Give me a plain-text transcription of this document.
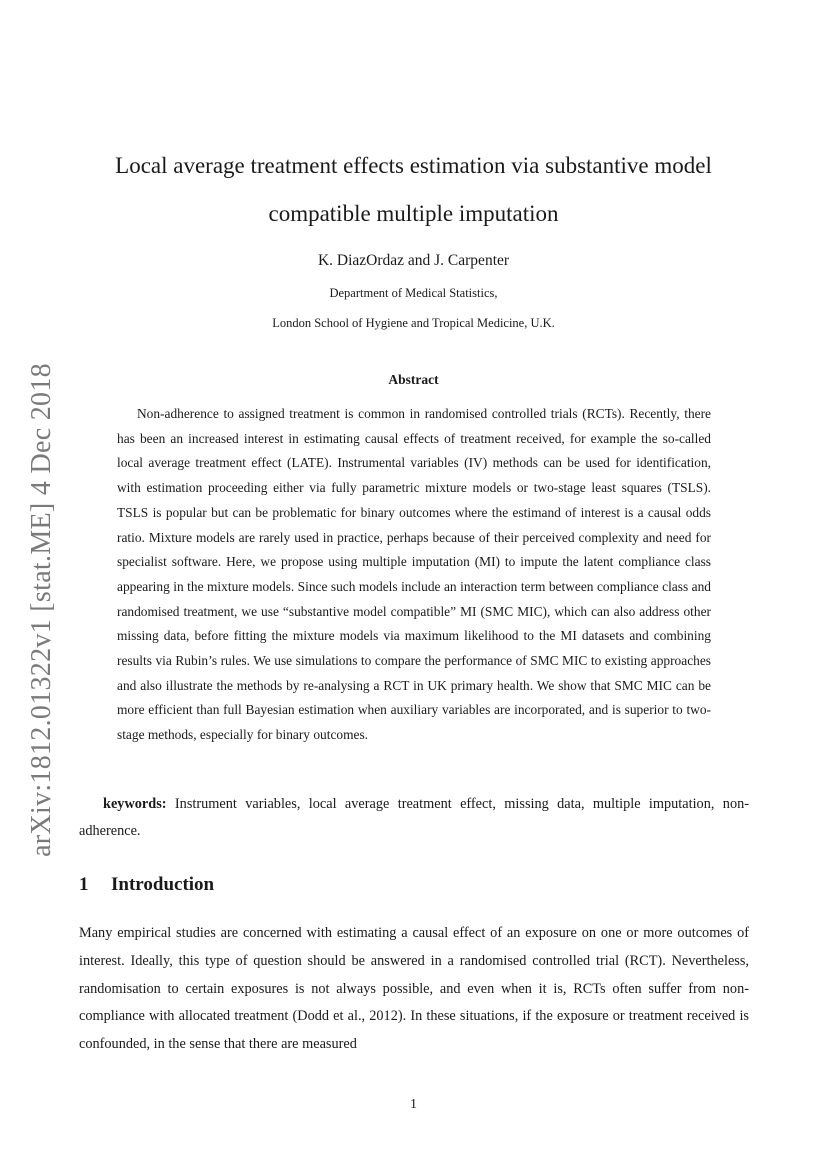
arXiv:1812.01322v1 [stat.ME] 4 Dec 2018
Local average treatment effects estimation via substantive model compatible multiple imputation

K. DiazOrdaz and J. Carpenter

Department of Medical Statistics,

London School of Hygiene and Tropical Medicine, U.K.

Abstract

Non-adherence to assigned treatment is common in randomised controlled trials (RCTs). Recently, there has been an increased interest in estimating causal effects of treatment received, for example the so-called local average treatment effect (LATE). Instrumental variables (IV) methods can be used for identification, with estimation proceeding either via fully parametric mixture models or two-stage least squares (TSLS). TSLS is popular but can be problematic for binary outcomes where the estimand of interest is a causal odds ratio. Mixture models are rarely used in practice, perhaps because of their perceived complexity and need for specialist software. Here, we propose using multiple imputation (MI) to impute the latent compliance class appearing in the mixture models. Since such models include an interaction term between compliance class and randomised treatment, we use “substantive model compatible” MI (SMC MIC), which can also address other missing data, before fitting the mixture models via maximum likelihood to the MI datasets and combining results via Rubin’s rules. We use simulations to compare the performance of SMC MIC to existing approaches and also illustrate the methods by re-analysing a RCT in UK primary health. We show that SMC MIC can be more efficient than full Bayesian estimation when auxiliary variables are incorporated, and is superior to two-stage methods, especially for binary outcomes.

keywords: Instrument variables, local average treatment effect, missing data, multiple imputation, non-adherence.

1 Introduction

Many empirical studies are concerned with estimating a causal effect of an exposure on one or more outcomes of interest. Ideally, this type of question should be answered in a randomised controlled trial (RCT). Nevertheless, randomisation to certain exposures is not always possible, and even when it is, RCTs often suffer from non-compliance with allocated treatment (Dodd et al., 2012). In these situations, if the exposure or treatment received is confounded, in the sense that there are measured

1
